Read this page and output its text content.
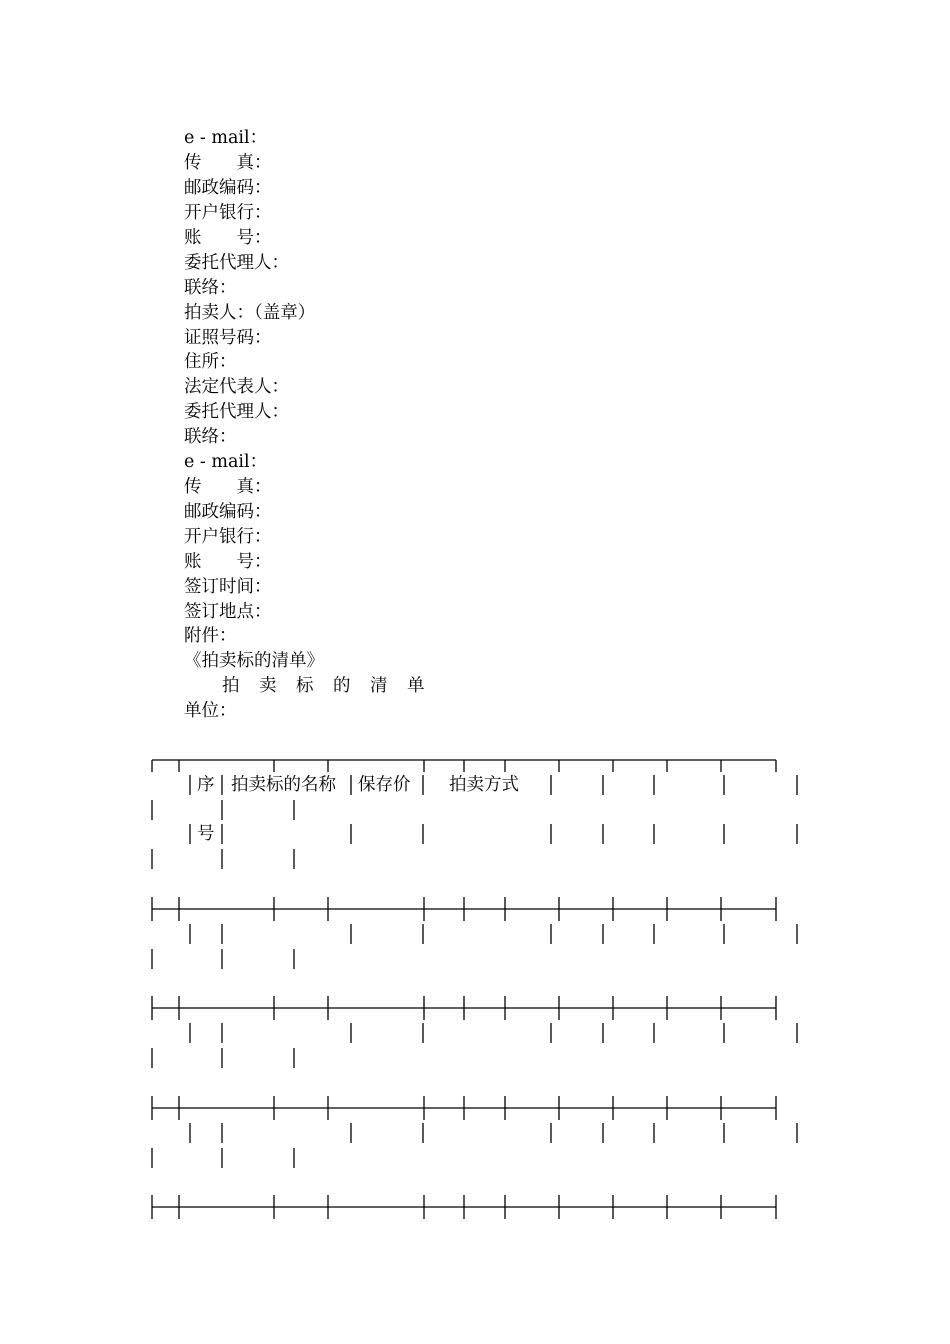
e - mail：
传　　真：
邮政编码：
开户银行：
账　　号：
委托代理人：
联络：
拍卖人：（盖章）
证照号码：
住所：
法定代表人：
委托代理人：
联络：
e - mail：
传　　真：
邮政编码：
开户银行：
账　　号：
签订时间：
签订地点：
附件：
《拍卖标的清单》
拍　卖　标　的　清　单
单位：
序 拍卖标的名称 保存价 拍卖方式
号
